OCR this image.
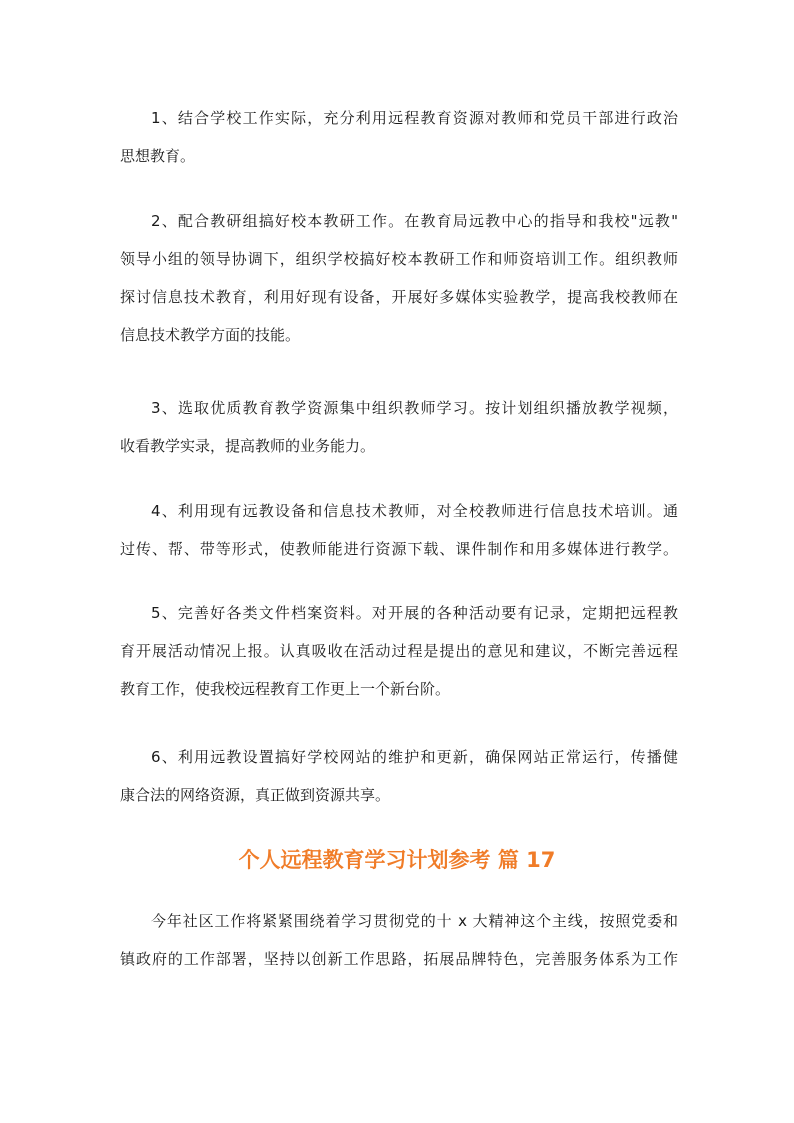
1、结合学校工作实际，充分利用远程教育资源对教师和党员干部进行政治
思想教育。
2、配合教研组搞好校本教研工作。在教育局远教中心的指导和我校"远教"
领导小组的领导协调下，组织学校搞好校本教研工作和师资培训工作。组织教师
探讨信息技术教育，利用好现有设备，开展好多媒体实验教学，提高我校教师在
信息技术教学方面的技能。
3、选取优质教育教学资源集中组织教师学习。按计划组织播放教学视频，
收看教学实录，提高教师的业务能力。
4、利用现有远教设备和信息技术教师，对全校教师进行信息技术培训。通
过传、帮、带等形式，使教师能进行资源下载、课件制作和用多媒体进行教学。
5、完善好各类文件档案资料。对开展的各种活动要有记录，定期把远程教
育开展活动情况上报。认真吸收在活动过程是提出的意见和建议，不断完善远程
教育工作，使我校远程教育工作更上一个新台阶。
6、利用远教设置搞好学校网站的维护和更新，确保网站正常运行，传播健
康合法的网络资源，真正做到资源共享。
个人远程教育学习计划参考 篇 17
今年社区工作将紧紧围绕着学习贯彻党的十 x 大精神这个主线，按照党委和
镇政府的工作部署，坚持以创新工作思路，拓展品牌特色，完善服务体系为工作
